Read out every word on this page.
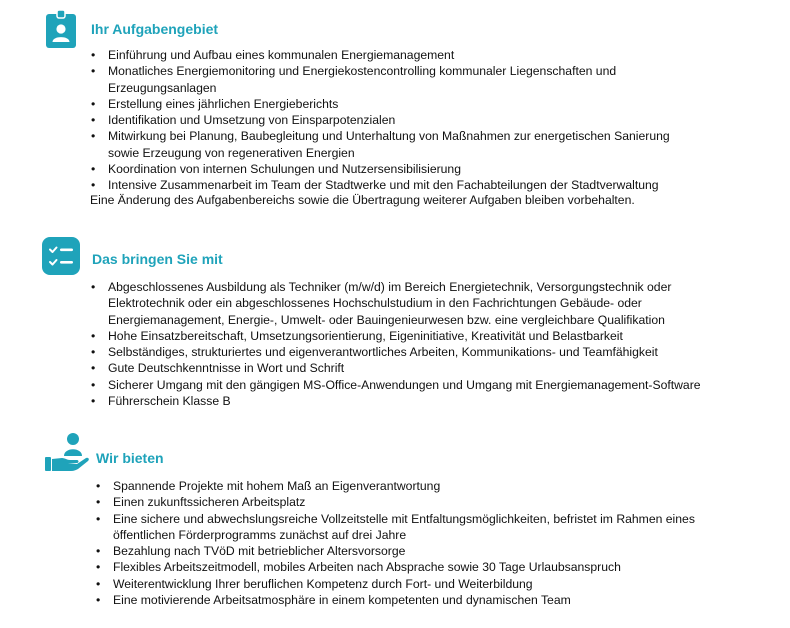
Ihr Aufgabengebiet
• Einführung und Aufbau eines kommunalen Energiemanagement
• Monatliches Energiemonitoring und Energiekostencontrolling kommunaler Liegenschaften und
Erzeugungsanlagen
• Erstellung eines jährlichen Energieberichts
• Identifikation und Umsetzung von Einsparpotenzialen
• Mitwirkung bei Planung, Baubegleitung und Unterhaltung von Maßnahmen zur energetischen Sanierung
sowie Erzeugung von regenerativen Energien
• Koordination von internen Schulungen und Nutzersensibilisierung
• Intensive Zusammenarbeit im Team der Stadtwerke und mit den Fachabteilungen der Stadtverwaltung
Eine Änderung des Aufgabenbereichs sowie die Übertragung weiterer Aufgaben bleiben vorbehalten.
Das bringen Sie mit
• Abgeschlossenes Ausbildung als Techniker (m/w/d) im Bereich Energietechnik, Versorgungstechnik oder
Elektrotechnik oder ein abgeschlossenes Hochschulstudium in den Fachrichtungen Gebäude- oder
Energiemanagement, Energie-, Umwelt- oder Bauingenieurwesen bzw. eine vergleichbare Qualifikation
• Hohe Einsatzbereitschaft, Umsetzungsorientierung, Eigeninitiative, Kreativität und Belastbarkeit
• Selbständiges, strukturiertes und eigenverantwortliches Arbeiten, Kommunikations- und Teamfähigkeit
• Gute Deutschkenntnisse in Wort und Schrift
• Sicherer Umgang mit den gängigen MS-Office-Anwendungen und Umgang mit Energiemanagement-Software
• Führerschein Klasse B
Wir bieten
• Spannende Projekte mit hohem Maß an Eigenverantwortung
• Einen zukunftssicheren Arbeitsplatz
• Eine sichere und abwechslungsreiche Vollzeitstelle mit Entfaltungsmöglichkeiten, befristet im Rahmen eines
öffentlichen Förderprogramms zunächst auf drei Jahre
• Bezahlung nach TVöD mit betrieblicher Altersvorsorge
• Flexibles Arbeitszeitmodell, mobiles Arbeiten nach Absprache sowie 30 Tage Urlaubsanspruch
• Weiterentwicklung Ihrer beruflichen Kompetenz durch Fort- und Weiterbildung
• Eine motivierende Arbeitsatmosphäre in einem kompetenten und dynamischen Team
